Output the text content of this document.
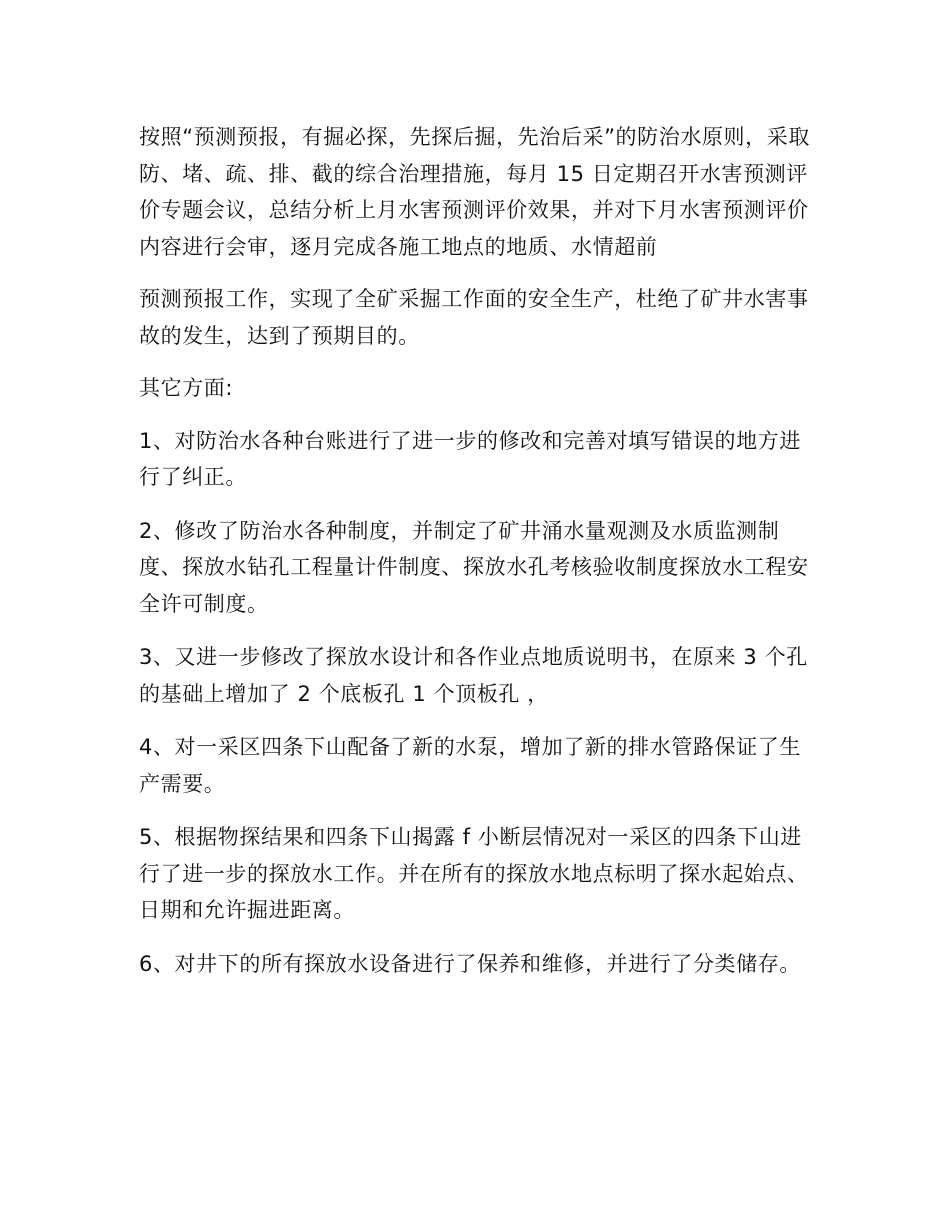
按照“预测预报，有掘必探，先探后掘，先治后采”的防治水原则，采取防、堵、疏、排、截的综合治理措施，每月 15 日定期召开水害预测评价专题会议，总结分析上月水害预测评价效果，并对下月水害预测评价内容进行会审，逐月完成各施工地点的地质、水情超前

预测预报工作，实现了全矿采掘工作面的安全生产，杜绝了矿井水害事故的发生，达到了预期目的。

其它方面:

1、对防治水各种台账进行了进一步的修改和完善对填写错误的地方进行了纠正。

2、修改了防治水各种制度，并制定了矿井涌水量观测及水质监测制度、探放水钻孔工程量计件制度、探放水孔考核验收制度探放水工程安全许可制度。

3、又进一步修改了探放水设计和各作业点地质说明书，在原来 3 个孔的基础上增加了 2 个底板孔 1 个顶板孔 ，

4、对一采区四条下山配备了新的水泵，增加了新的排水管路保证了生产需要。

5、根据物探结果和四条下山揭露 f 小断层情况对一采区的四条下山进行了进一步的探放水工作。并在所有的探放水地点标明了探水起始点、日期和允许掘进距离。

6、对井下的所有探放水设备进行了保养和维修，并进行了分类储存。
